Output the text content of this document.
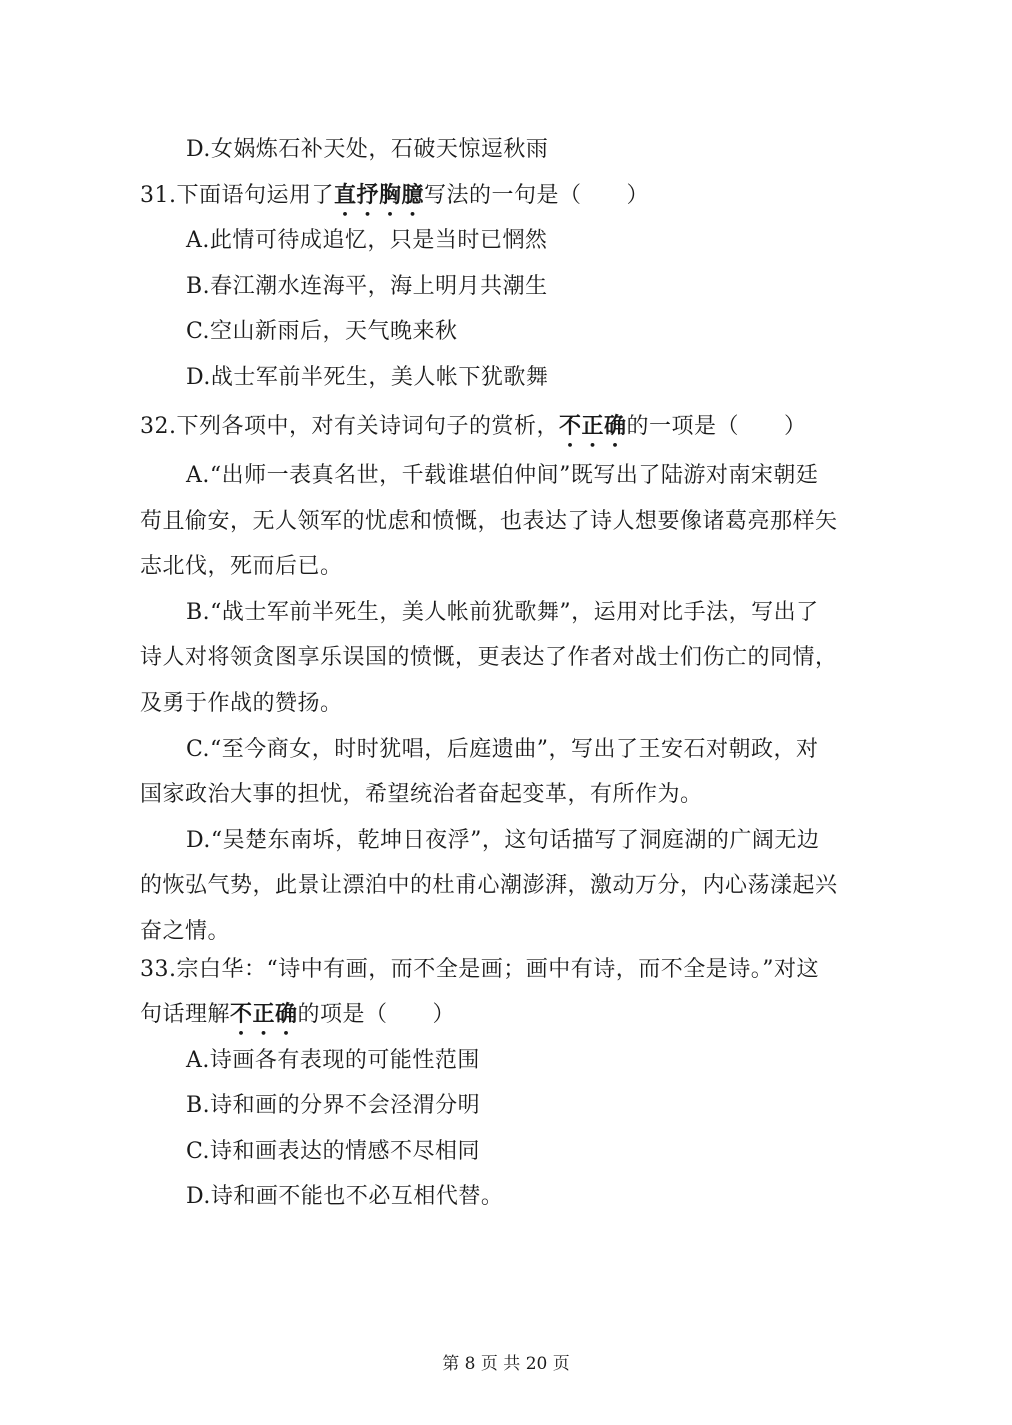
D.女娲炼石补天处，石破天惊逗秋雨
31.下面语句运用了直抒胸臆写法的一句是（　　）
A.此情可待成追忆，只是当时已惘然
B.春江潮水连海平，海上明月共潮生
C.空山新雨后，天气晚来秋
D.战士军前半死生，美人帐下犹歌舞
32.下列各项中，对有关诗词句子的赏析，不正确的一项是（　　）
A.“出师一表真名世，千载谁堪伯仲间”既写出了陆游对南宋朝廷
苟且偷安，无人领军的忧虑和愤慨，也表达了诗人想要像诸葛亮那样矢
志北伐，死而后已。
B.“战士军前半死生，美人帐前犹歌舞”，运用对比手法，写出了
诗人对将领贪图享乐误国的愤慨，更表达了作者对战士们伤亡的同情，
及勇于作战的赞扬。
C.“至今商女，时时犹唱，后庭遗曲”，写出了王安石对朝政，对
国家政治大事的担忧，希望统治者奋起变革，有所作为。
D.“吴楚东南坼，乾坤日夜浮”，这句话描写了洞庭湖的广阔无边
的恢弘气势，此景让漂泊中的杜甫心潮澎湃，激动万分，内心荡漾起兴
奋之情。
33.宗白华：“诗中有画，而不全是画；画中有诗，而不全是诗。”对这
句话理解不正确的项是（　　）
A.诗画各有表现的可能性范围
B.诗和画的分界不会泾渭分明
C.诗和画表达的情感不尽相同
D.诗和画不能也不必互相代替。
第 8 页 共 20 页
